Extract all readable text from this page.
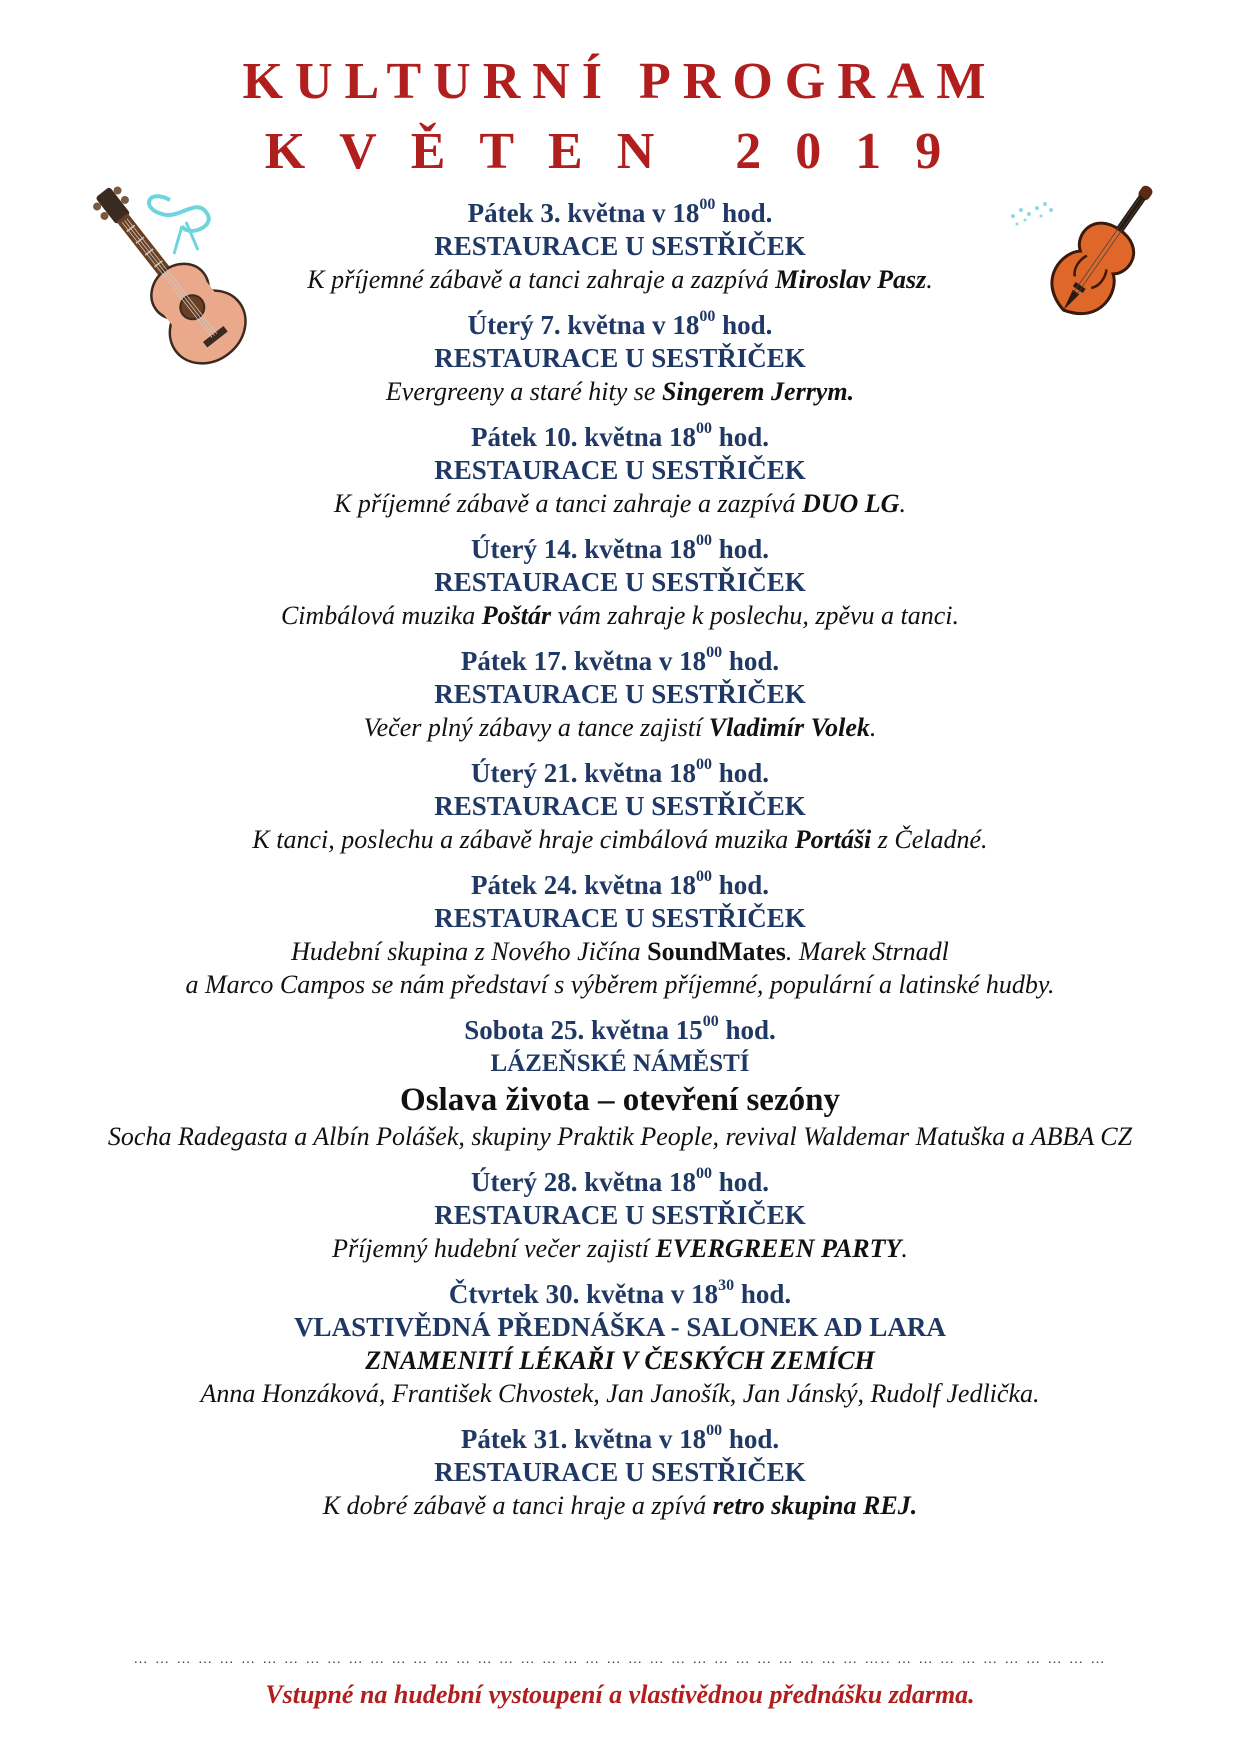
KULTURNÍ PROGRAM
KVĚTEN 2019
Pátek 3. května v $18^{00}$ hod.
RESTAURACE U SESTŘIČEK
K příjemné zábavě a tanci zahraje a zazpívá Miroslav Pasz.
Úterý 7. května v $18^{00}$ hod.
RESTAURACE U SESTŘIČEK
Evergreeny a staré hity se Singerem Jerrym.
Pátek 10. května $18^{00}$ hod.
RESTAURACE U SESTŘIČEK
K příjemné zábavě a tanci zahraje a zazpívá DUO LG.
Úterý 14. května $18^{00}$ hod.
RESTAURACE U SESTŘIČEK
Cimbálová muzika Poštár vám zahraje k poslechu, zpěvu a tanci.
Pátek 17. května v $18^{00}$ hod.
RESTAURACE U SESTŘIČEK
Večer plný zábavy a tance zajistí Vladimír Volek.
Úterý 21. května $18^{00}$ hod.
RESTAURACE U SESTŘIČEK
K tanci, poslechu a zábavě hraje cimbálová muzika Portáši z Čeladné.
Pátek 24. května $18^{00}$ hod.
RESTAURACE U SESTŘIČEK
Hudební skupina z Nového Jičína SoundMates. Marek Strnadl
a Marco Campos se nám představí s výběrem příjemné, populární a latinské hudby.
Sobota 25. května $15^{00}$ hod.
LÁZEŇSKÉ NÁMĚSTÍ
Oslava života – otevření sezóny
Socha Radegasta a Albín Polášek, skupiny Praktik People, revival Waldemar Matuška a ABBA CZ
Úterý 28. května $18^{00}$ hod.
RESTAURACE U SESTŘIČEK
Příjemný hudební večer zajistí EVERGREEN PARTY.
Čtvrtek 30. května v $18^{30}$ hod.
VLASTIVĚDNÁ PŘEDNÁŠKA - SALONEK AD LARA
ZNAMENITÍ LÉKAŘI V ČESKÝCH ZEMÍCH
Anna Honzáková, František Chvostek, Jan Janošík, Jan Jánský, Rudolf Jedlička.
Pátek 31. května v $18^{00}$ hod.
RESTAURACE U SESTŘIČEK
K dobré zábavě a tanci hraje a zpívá retro skupina REJ.
… … … … … … … … … … … … … … … … … … … … … … … … … … … … … … … … … … ….. … … … … … … … … … …
Vstupné na hudební vystoupení a vlastivědnou přednášku zdarma.
